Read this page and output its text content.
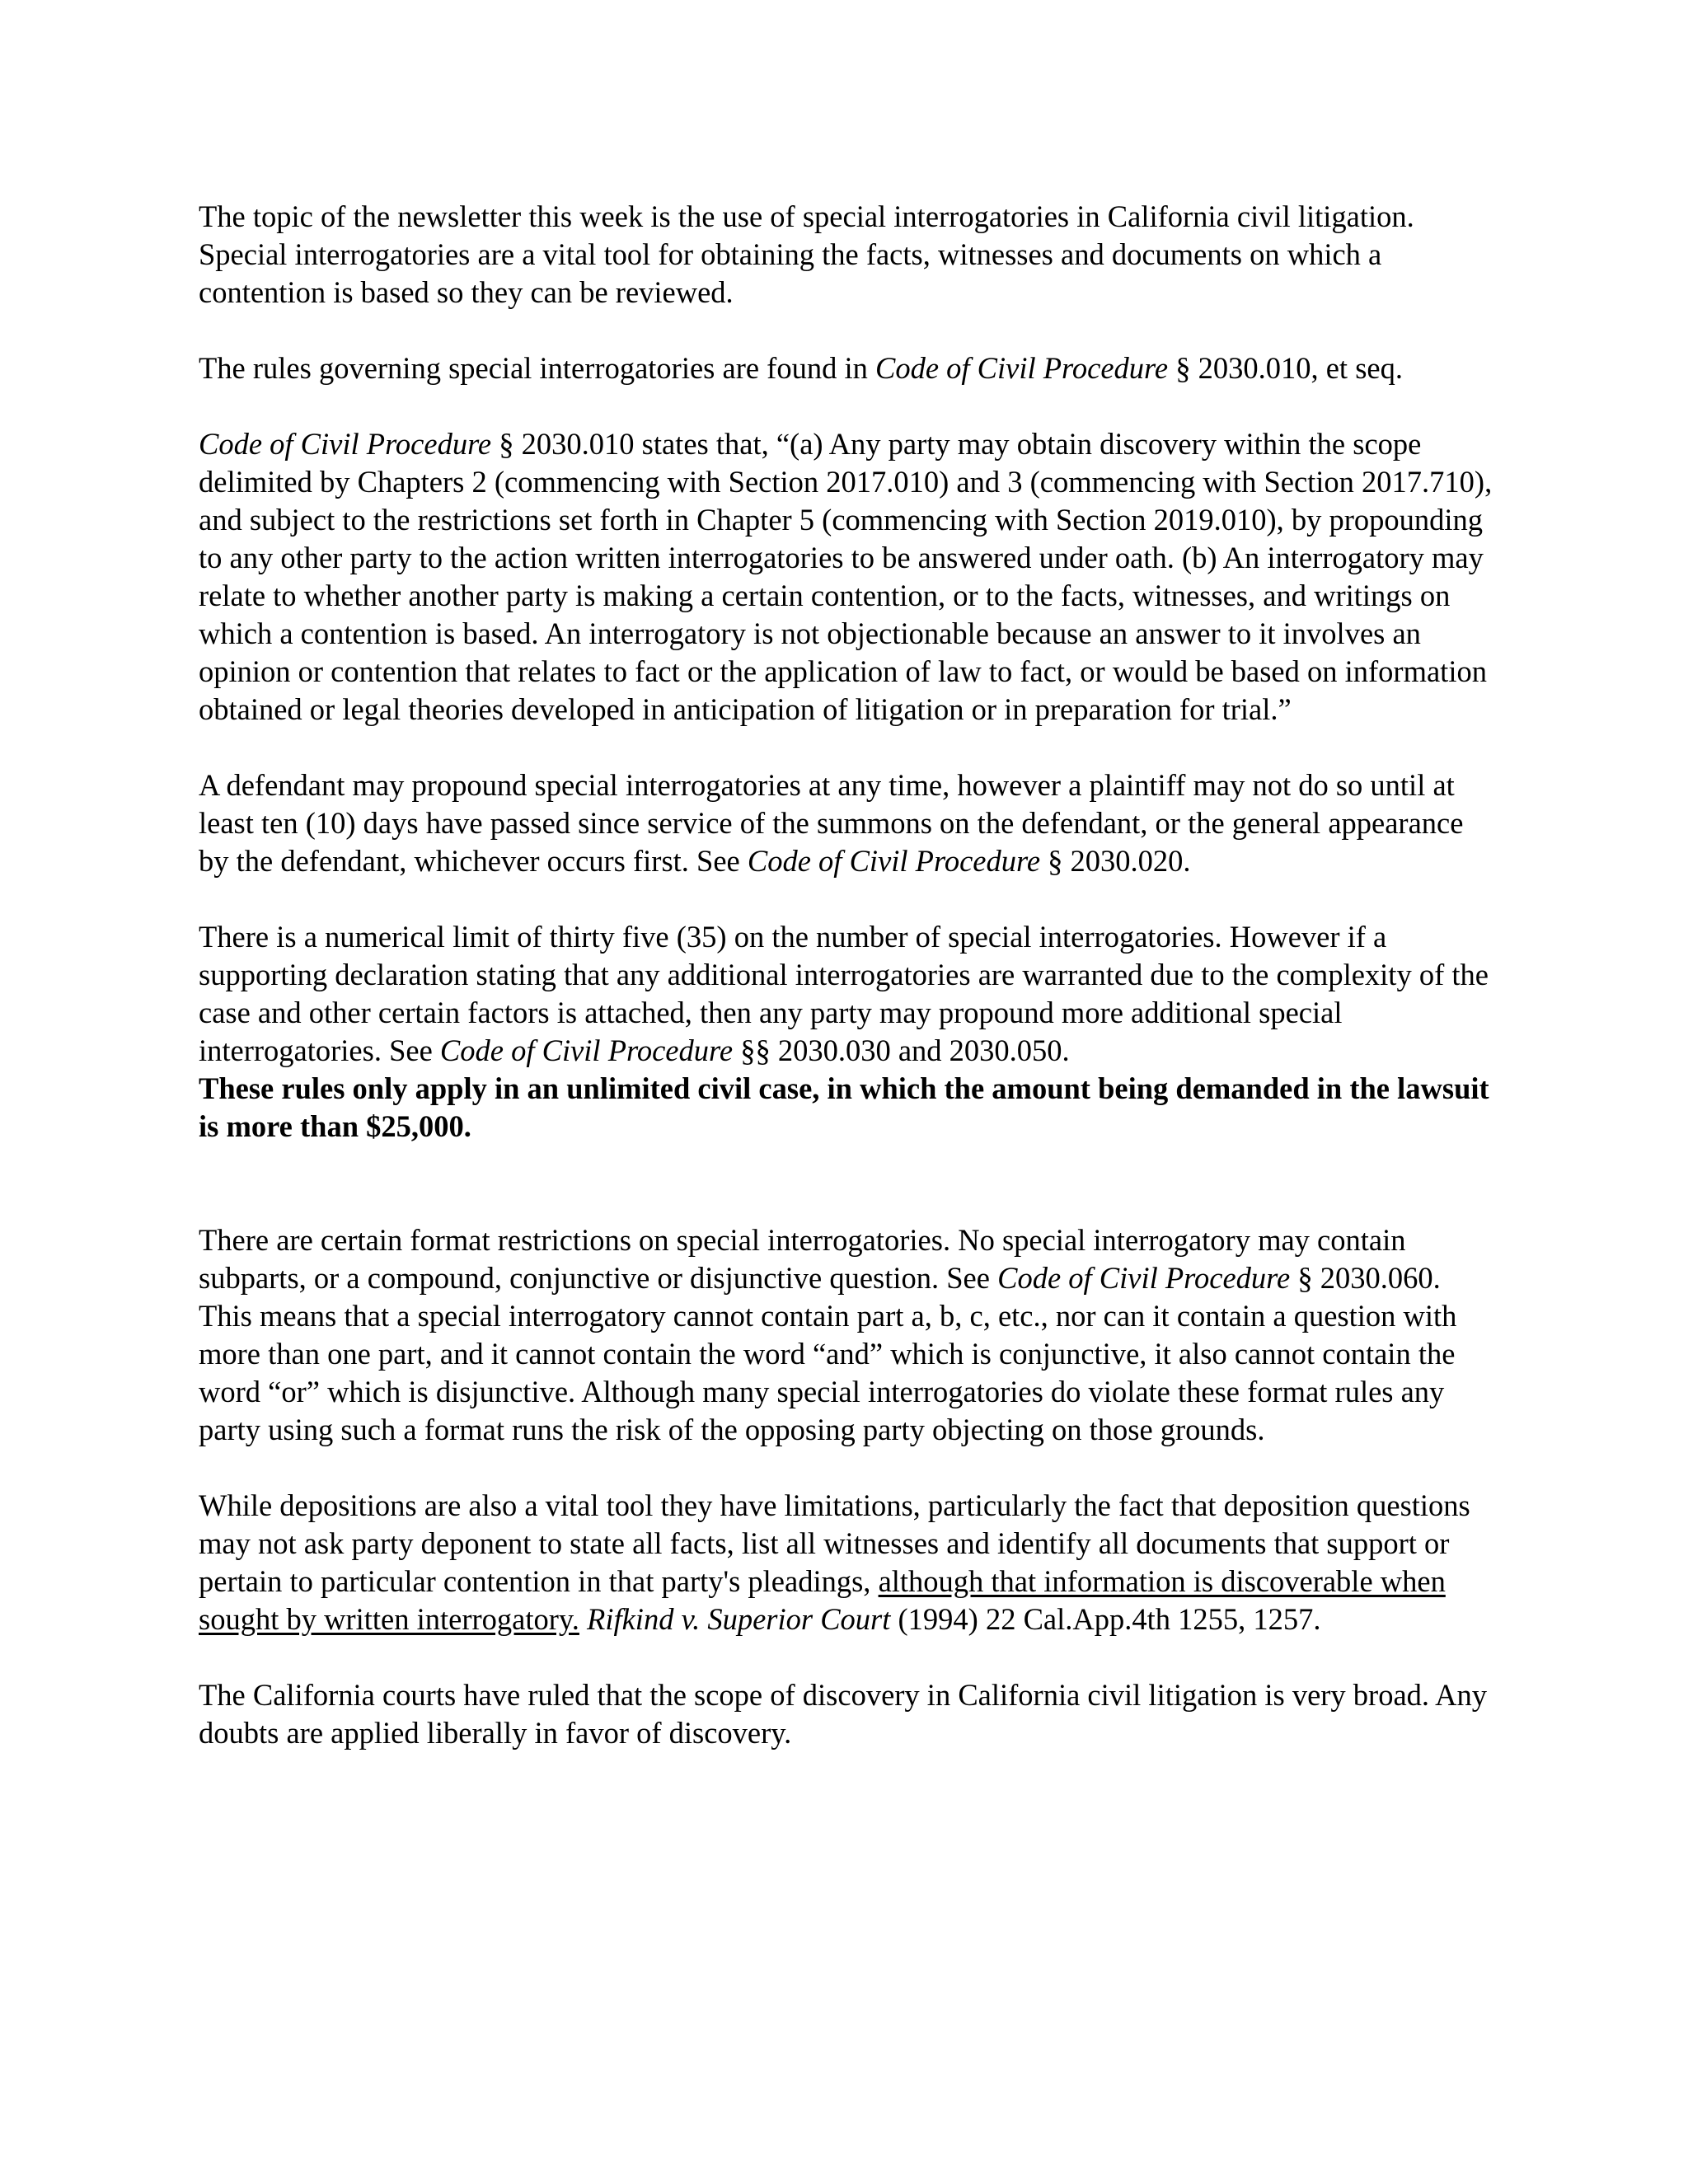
The topic of the newsletter this week is the use of special interrogatories in California civil litigation. Special interrogatories are a vital tool for obtaining the facts, witnesses and documents on which a contention is based so they can be reviewed.

The rules governing special interrogatories are found in Code of Civil Procedure § 2030.010, et seq.

Code of Civil Procedure § 2030.010 states that, “(a) Any party may obtain discovery within the scope delimited by Chapters 2 (commencing with Section 2017.010) and 3 (commencing with Section 2017.710), and subject to the restrictions set forth in Chapter 5 (commencing with Section 2019.010), by propounding to any other party to the action written interrogatories to be answered under oath. (b) An interrogatory may relate to whether another party is making a certain contention, or to the facts, witnesses, and writings on which a contention is based. An interrogatory is not objectionable because an answer to it involves an opinion or contention that relates to fact or the application of law to fact, or would be based on information obtained or legal theories developed in anticipation of litigation or in preparation for trial.”

A defendant may propound special interrogatories at any time, however a plaintiff may not do so until at least ten (10) days have passed since service of the summons on the defendant, or the general appearance by the defendant, whichever occurs first. See Code of Civil Procedure § 2030.020.

There is a numerical limit of thirty five (35) on the number of special interrogatories. However if a supporting declaration stating that any additional interrogatories are warranted due to the complexity of the case and other certain factors is attached, then any party may propound more additional special interrogatories. See Code of Civil Procedure §§ 2030.030 and 2030.050.
These rules only apply in an unlimited civil case, in which the amount being demanded in the lawsuit is more than $25,000.

There are certain format restrictions on special interrogatories. No special interrogatory may contain subparts, or a compound, conjunctive or disjunctive question. See Code of Civil Procedure § 2030.060. This means that a special interrogatory cannot contain part a, b, c, etc., nor can it contain a question with more than one part, and it cannot contain the word “and” which is conjunctive, it also cannot contain the word “or” which is disjunctive. Although many special interrogatories do violate these format rules any party using such a format runs the risk of the opposing party objecting on those grounds.

While depositions are also a vital tool they have limitations, particularly the fact that deposition questions may not ask party deponent to state all facts, list all witnesses and identify all documents that support or pertain to particular contention in that party's pleadings, although that information is discoverable when sought by written interrogatory. Rifkind v. Superior Court (1994) 22 Cal.App.4th 1255, 1257.

The California courts have ruled that the scope of discovery in California civil litigation is very broad. Any doubts are applied liberally in favor of discovery.
